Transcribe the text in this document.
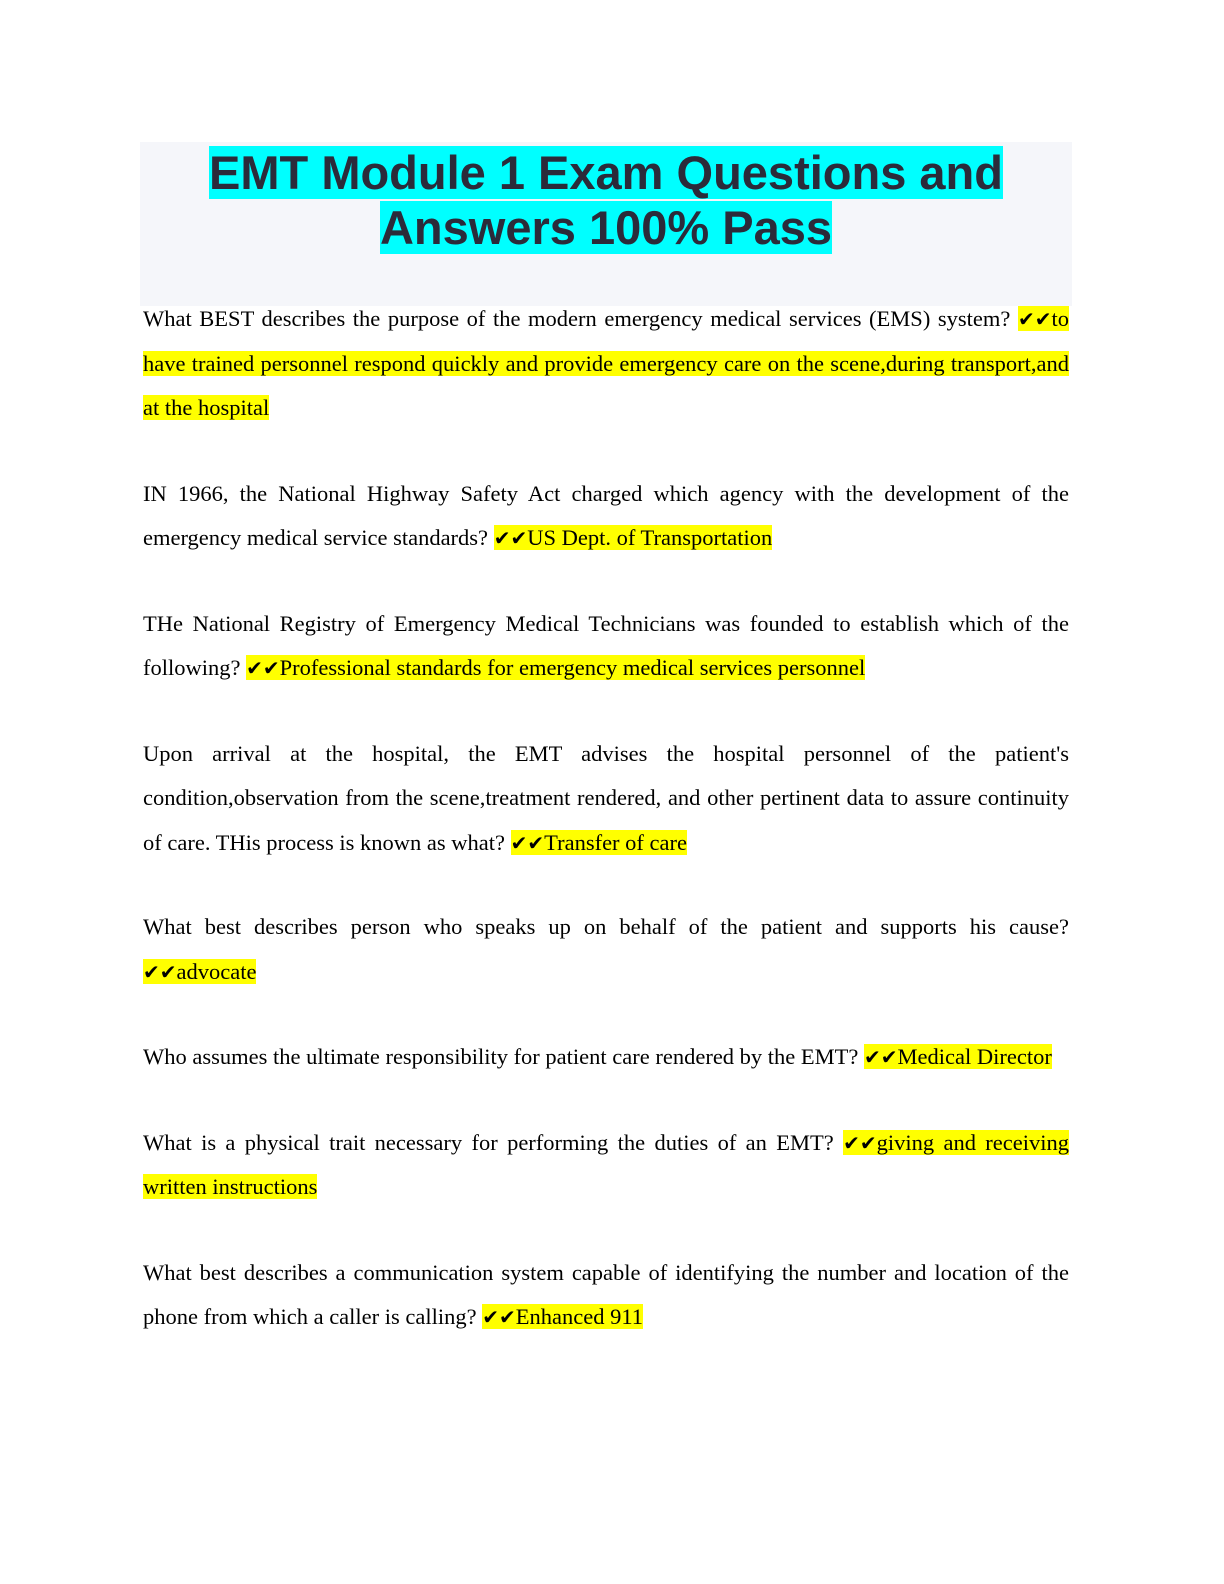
EMT Module 1 Exam Questions and Answers 100% Pass

What BEST describes the purpose of the modern emergency medical services (EMS) system? ✔✔to have trained personnel respond quickly and provide emergency care on the scene,during transport,and at the hospital

IN 1966, the National Highway Safety Act charged which agency with the development of the emergency medical service standards? ✔✔US Dept. of Transportation

THe National Registry of Emergency Medical Technicians was founded to establish which of the following? ✔✔Professional standards for emergency medical services personnel

Upon arrival at the hospital, the EMT advises the hospital personnel of the patient's condition,observation from the scene,treatment rendered, and other pertinent data to assure continuity of care. THis process is known as what? ✔✔Transfer of care

What best describes person who speaks up on behalf of the patient and supports his cause? ✔✔advocate

Who assumes the ultimate responsibility for patient care rendered by the EMT? ✔✔Medical Director

What is a physical trait necessary for performing the duties of an EMT? ✔✔giving and receiving written instructions

What best describes a communication system capable of identifying the number and location of the phone from which a caller is calling? ✔✔Enhanced 911
